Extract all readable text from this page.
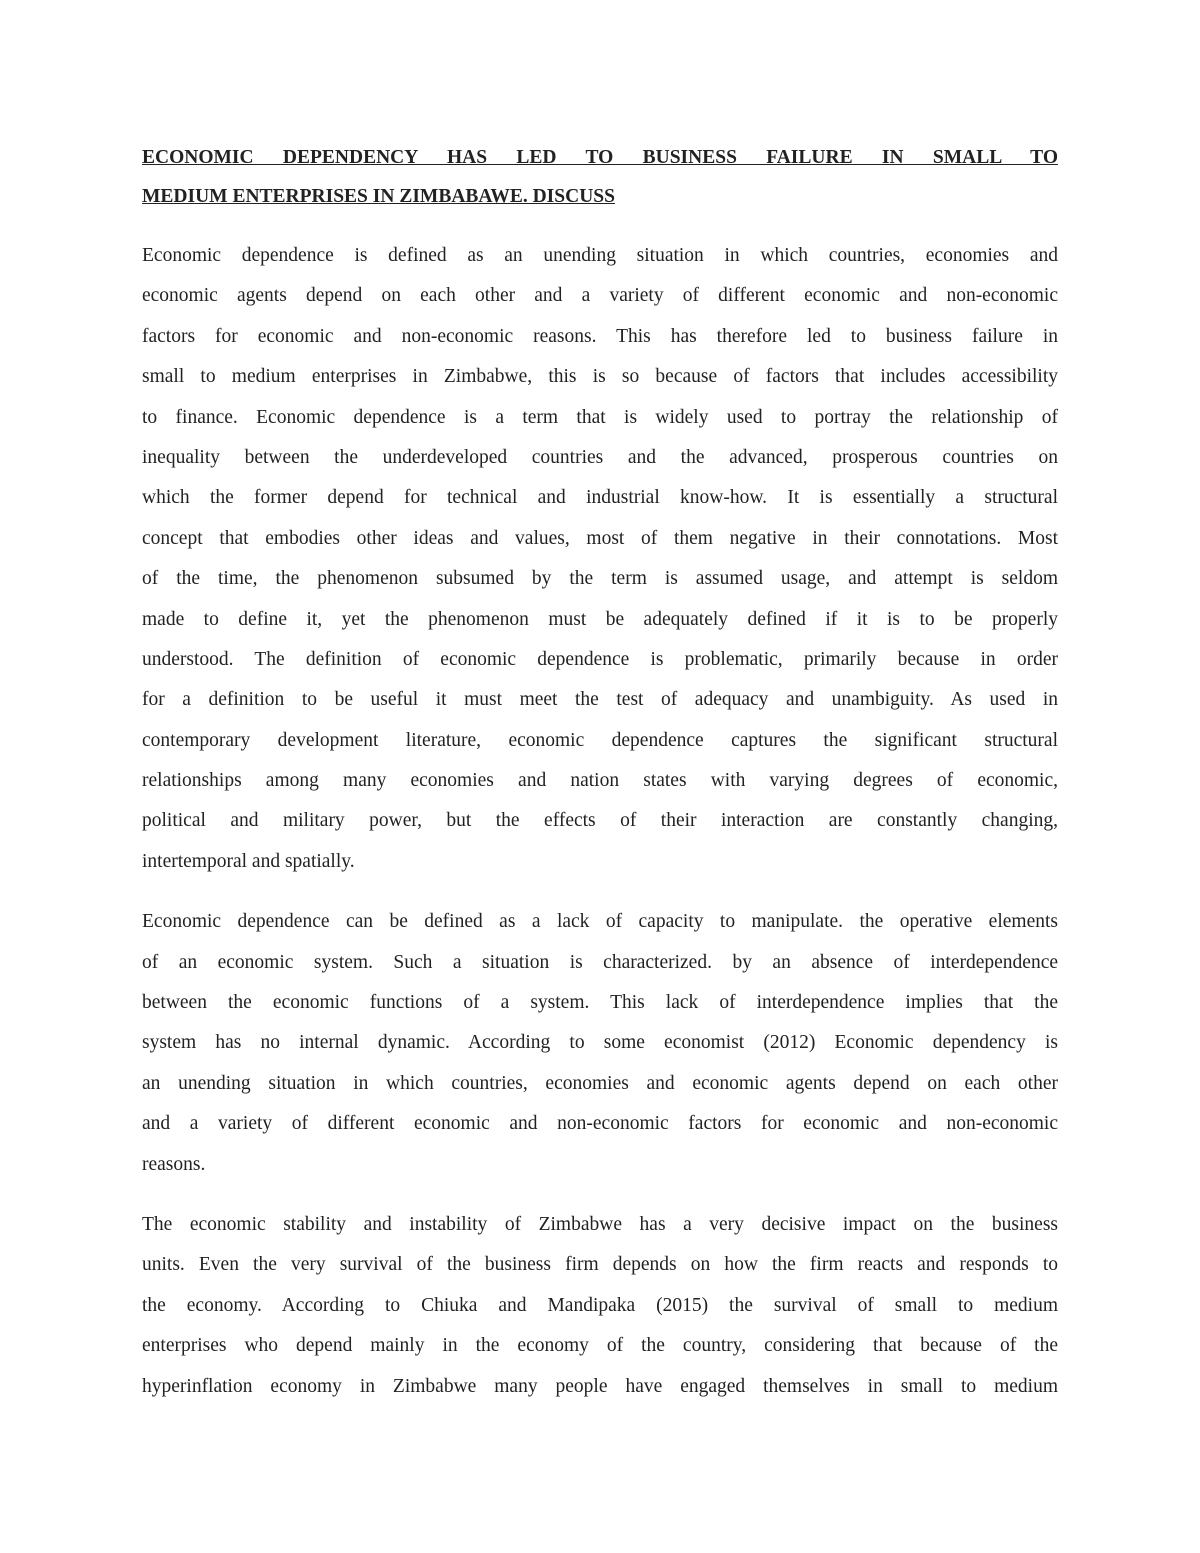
ECONOMIC DEPENDENCY HAS LED TO BUSINESS FAILURE IN SMALL TO
MEDIUM ENTERPRISES IN ZIMBABAWE. DISCUSS
Economic dependence is defined as an unending situation in which countries, economies and
economic agents depend on each other and a variety of different economic and non-economic
factors for economic and non-economic reasons. This has therefore led to business failure in
small to medium enterprises in Zimbabwe, this is so because of factors that includes accessibility
to finance. Economic dependence is a term that is widely used to portray the relationship of
inequality between the underdeveloped countries and the advanced, prosperous countries on
which the former depend for technical and industrial know-how. It is essentially a structural
concept that embodies other ideas and values, most of them negative in their connotations. Most
of the time, the phenomenon subsumed by the term is assumed usage, and attempt is seldom
made to define it, yet the phenomenon must be adequately defined if it is to be properly
understood. The definition of economic dependence is problematic, primarily because in order
for a definition to be useful it must meet the test of adequacy and unambiguity. As used in
contemporary development literature, economic dependence captures the significant structural
relationships among many economies and nation states with varying degrees of economic,
political and military power, but the effects of their interaction are constantly changing,
intertemporal and spatially.
Economic dependence can be defined as a lack of capacity to manipulate. the operative elements
of an economic system. Such a situation is characterized. by an absence of interdependence
between the economic functions of a system. This lack of interdependence implies that the
system has no internal dynamic. According to some economist (2012) Economic dependency is
an unending situation in which countries, economies and economic agents depend on each other
and a variety of different economic and non-economic factors for economic and non-economic
reasons.
The economic stability and instability of Zimbabwe has a very decisive impact on the business
units. Even the very survival of the business firm depends on how the firm reacts and responds to
the economy. According to Chiuka and Mandipaka (2015) the survival of small to medium
enterprises who depend mainly in the economy of the country, considering that because of the
hyperinflation economy in Zimbabwe many people have engaged themselves in small to medium
